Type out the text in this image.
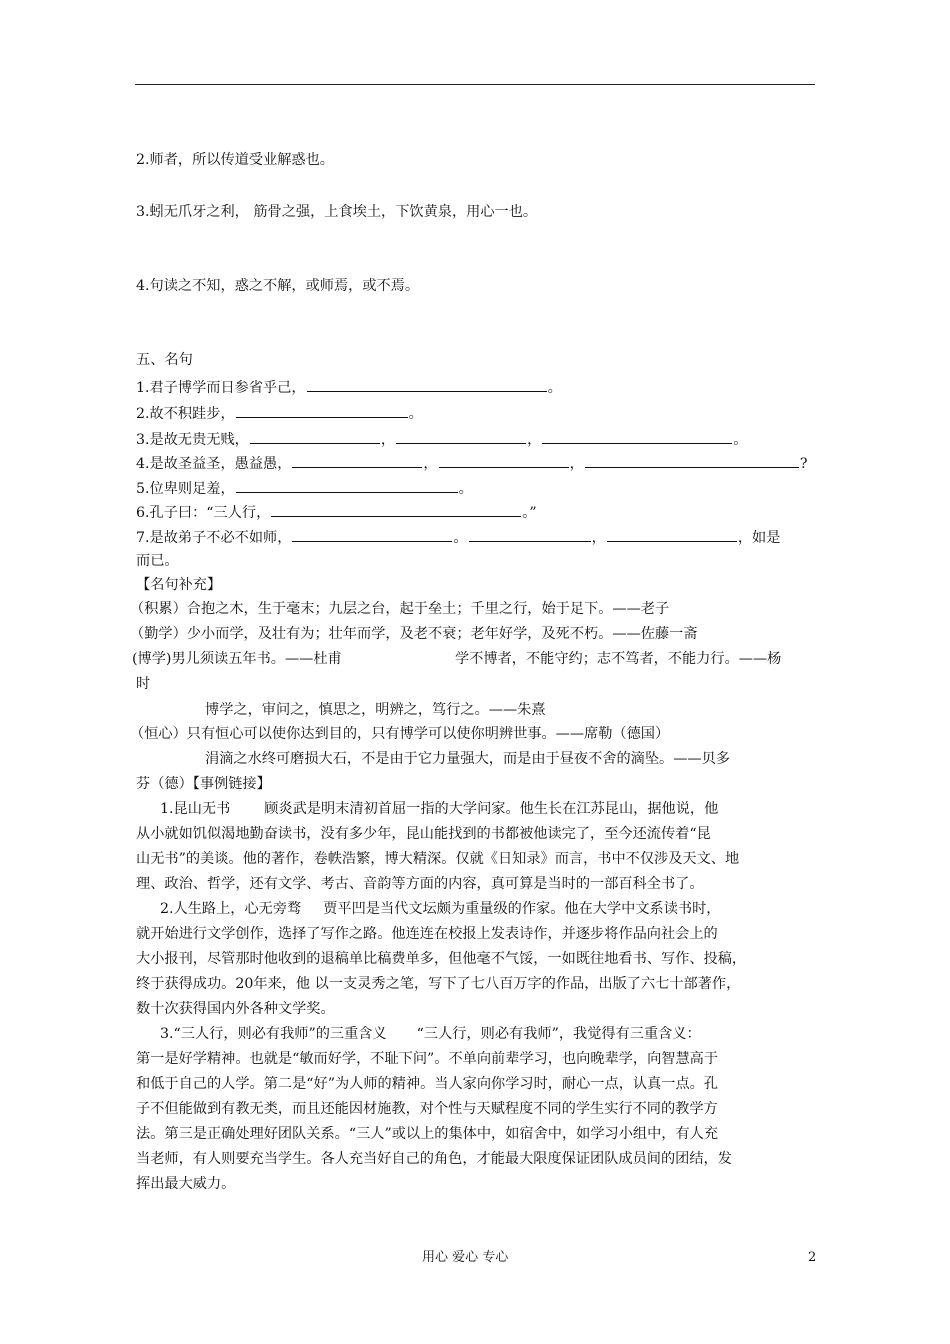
2.师者，所以传道受业解惑也。
3.蚓无爪牙之利， 筋骨之强，上食埃土，下饮黄泉，用心一也。
4.句读之不知，惑之不解，或师焉，或不焉。
五、名句
1.君子博学而日参省乎己，	。
2.故不积跬步，	。
3.是故无贵无贱，	，	，	。
4.是故圣益圣，愚益愚，	，	，	?
5.位卑则足羞，	。
6.孔子曰：“三人行，	。”
7.是故弟子不必不如师，	。	，	，如是
而已。
【名句补充】
（积累）合抱之木，生于毫末；九层之台，起于垒土；千里之行，始于足下。——老子
（勤学）少小而学，及壮有为；壮年而学，及老不衰；老年好学，及死不朽。——佐藤一斋
(博学)男儿须读五年书。——杜甫	学不博者，不能守约；志不笃者，不能力行。——杨
时
博学之，审问之，慎思之，明辨之，笃行之。——朱熹
（恒心）只有恒心可以使你达到目的，只有博学可以使你明辨世事。——席勒（德国）
涓滴之水终可磨损大石，不是由于它力量强大，而是由于昼夜不舍的滴坠。——贝多
芬（德）【事例链接】
1.昆山无书 顾炎武是明末清初首屈一指的大学问家。他生长在江苏昆山，据他说，他
从小就如饥似渴地勤奋读书，没有多少年，昆山能找到的书都被他读完了，至今还流传着“昆
山无书”的美谈。他的著作，卷帙浩繁，博大精深。仅就《日知录》而言，书中不仅涉及天文、地
理、政治、哲学，还有文学、考古、音韵等方面的内容，真可算是当时的一部百科全书了。
2.人生路上，心无旁骛 贾平凹是当代文坛颇为重量级的作家。他在大学中文系读书时，
就开始进行文学创作，选择了写作之路。他连连在校报上发表诗作，并逐步将作品向社会上的
大小报刊，尽管那时他收到的退稿单比稿费单多，但他毫不气馁，一如既往地看书、写作、投稿，
终于获得成功。20年来，他 以一支灵秀之笔，写下了七八百万字的作品，出版了六七十部著作，
数十次获得国内外各种文学奖。
3.“三人行，则必有我师”的三重含义 “三人行，则必有我师”，我觉得有三重含义：
第一是好学精神。也就是“敏而好学，不耻下问”。不单向前辈学习，也向晚辈学，向智慧高于
和低于自己的人学。第二是“好”为人师的精神。当人家向你学习时，耐心一点，认真一点。孔
子不但能做到有教无类，而且还能因材施教，对个性与天赋程度不同的学生实行不同的教学方
法。第三是正确处理好团队关系。“三人”或以上的集体中，如宿舍中，如学习小组中，有人充
当老师，有人则要充当学生。各人充当好自己的角色，才能最大限度保证团队成员间的团结，发
挥出最大威力。
用心 爱心 专心	2
